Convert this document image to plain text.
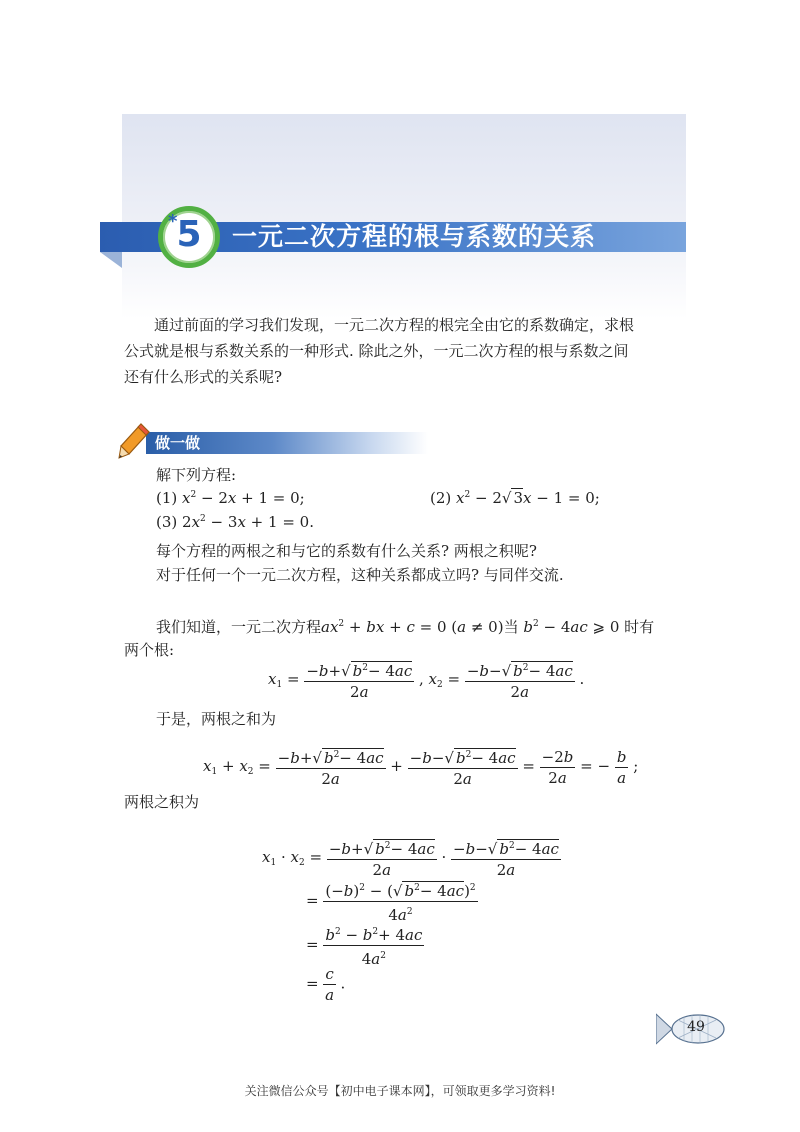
* 5	一元二次方程的根与系数的关系
通过前面的学习我们发现，一元二次方程的根完全由它的系数确定，求根
公式就是根与系数关系的一种形式. 除此之外，一元二次方程的根与系数之间
还有什么形式的关系呢?
做一做
解下列方程:
(1) $x^2 - 2x + 1 = 0$;	(2) $x^2 - 2√$ 3x − 1 = 0;
(3) $2x^2 - 3x + 1 = 0$.
每个方程的两根之和与它的系数有什么关系? 两根之积呢?
对于任何一个一元二次方程，这种关系都成立吗? 与同伴交流.
我们知道，一元二次方程$ax^2$ + bx + c = 0 (a ≠ 0)当 $b^2 - 4ac$ ⩾ 0 时有
两个根:
$x_1 = \frac{-b+√ b^2- 4ac}{2a}$ , $x_2 = \frac{-b-√ b^2- 4ac}{2a}$ .
于是，两根之和为
$x_1 + x_2 = \frac{-b+√ b^2- 4ac}{2a} + \frac{-b-√ b^2- 4ac}{2a} = \frac{-2b}{2a}$ = − $\frac{b}{a}$ ;
两根之积为
$x_1 \cdot x_2 = \frac{-b+√ b^2- 4ac}{2a} \cdot \frac{-b-√ b^2- 4ac}{2a}$
= $\frac{(-b)^2 - (√ b^2- 4ac)^2}{4a^2}$
= $\frac{b^2 - b^2+ 4ac}{4a^2}$
= $\frac{c}{a}$ .
49
关注微信公众号【初中电子课本网】，可领取更多学习资料!
